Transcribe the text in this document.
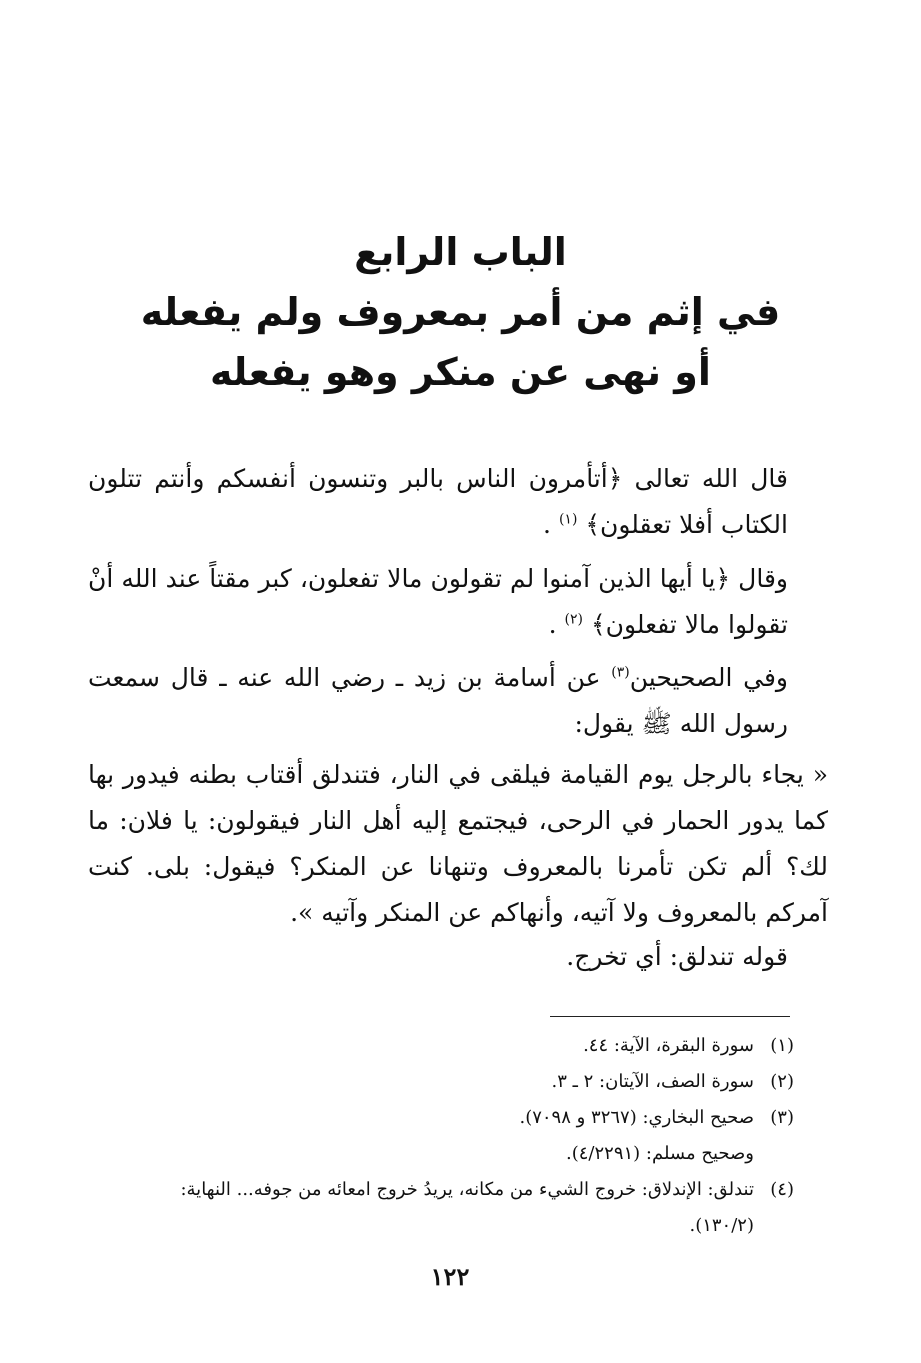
الباب الرابع
في إثم من أمر بمعروف ولم يفعله
أو نهى عن منكر وهو يفعله

قال الله تعالى ﴿أتأمرون الناس بالبر وتنسون أنفسكم وأنتم تتلون الكتاب أفلا تعقلون﴾ $^{(١)}$ .

وقال ﴿يا أيها الذين آمنوا لم تقولون مالا تفعلون، كبر مقتاً عند الله أنْ تقولوا مالا تفعلون﴾ $^{(٢)}$ .

وفي الصحيحين$^{(٣)}$ عن أسامة بن زيد ـ رضي الله عنه ـ قال سمعت رسول الله ﷺ يقول:

« يجاء بالرجل يوم القيامة فيلقى في النار، فتندلق أقتاب بطنه فيدور بها كما يدور الحمار في الرحى، فيجتمع إليه أهل النار فيقولون: يا فلان: ما لك؟ ألم تكن تأمرنا بالمعروف وتنهانا عن المنكر؟ فيقول: بلى. كنت آمركم بالمعروف ولا آتيه، وأنهاكم عن المنكر وآتيه ».

قوله تندلق: أي تخرج.

(١)سورة البقرة، الآية: ٤٤.
(٢)سورة الصف، الآيتان: ٢ ـ ٣.
(٣)صحيح البخاري: (٣٢٦٧ و ٧٠٩٨).
وصحيح مسلم: (٤/٢٢٩١).
(٤)تندلق: الإندلاق: خروج الشيء من مكانه، يريدُ خروج امعائه من جوفه... النهاية:
(١٣٠/٢).
١٢٢
